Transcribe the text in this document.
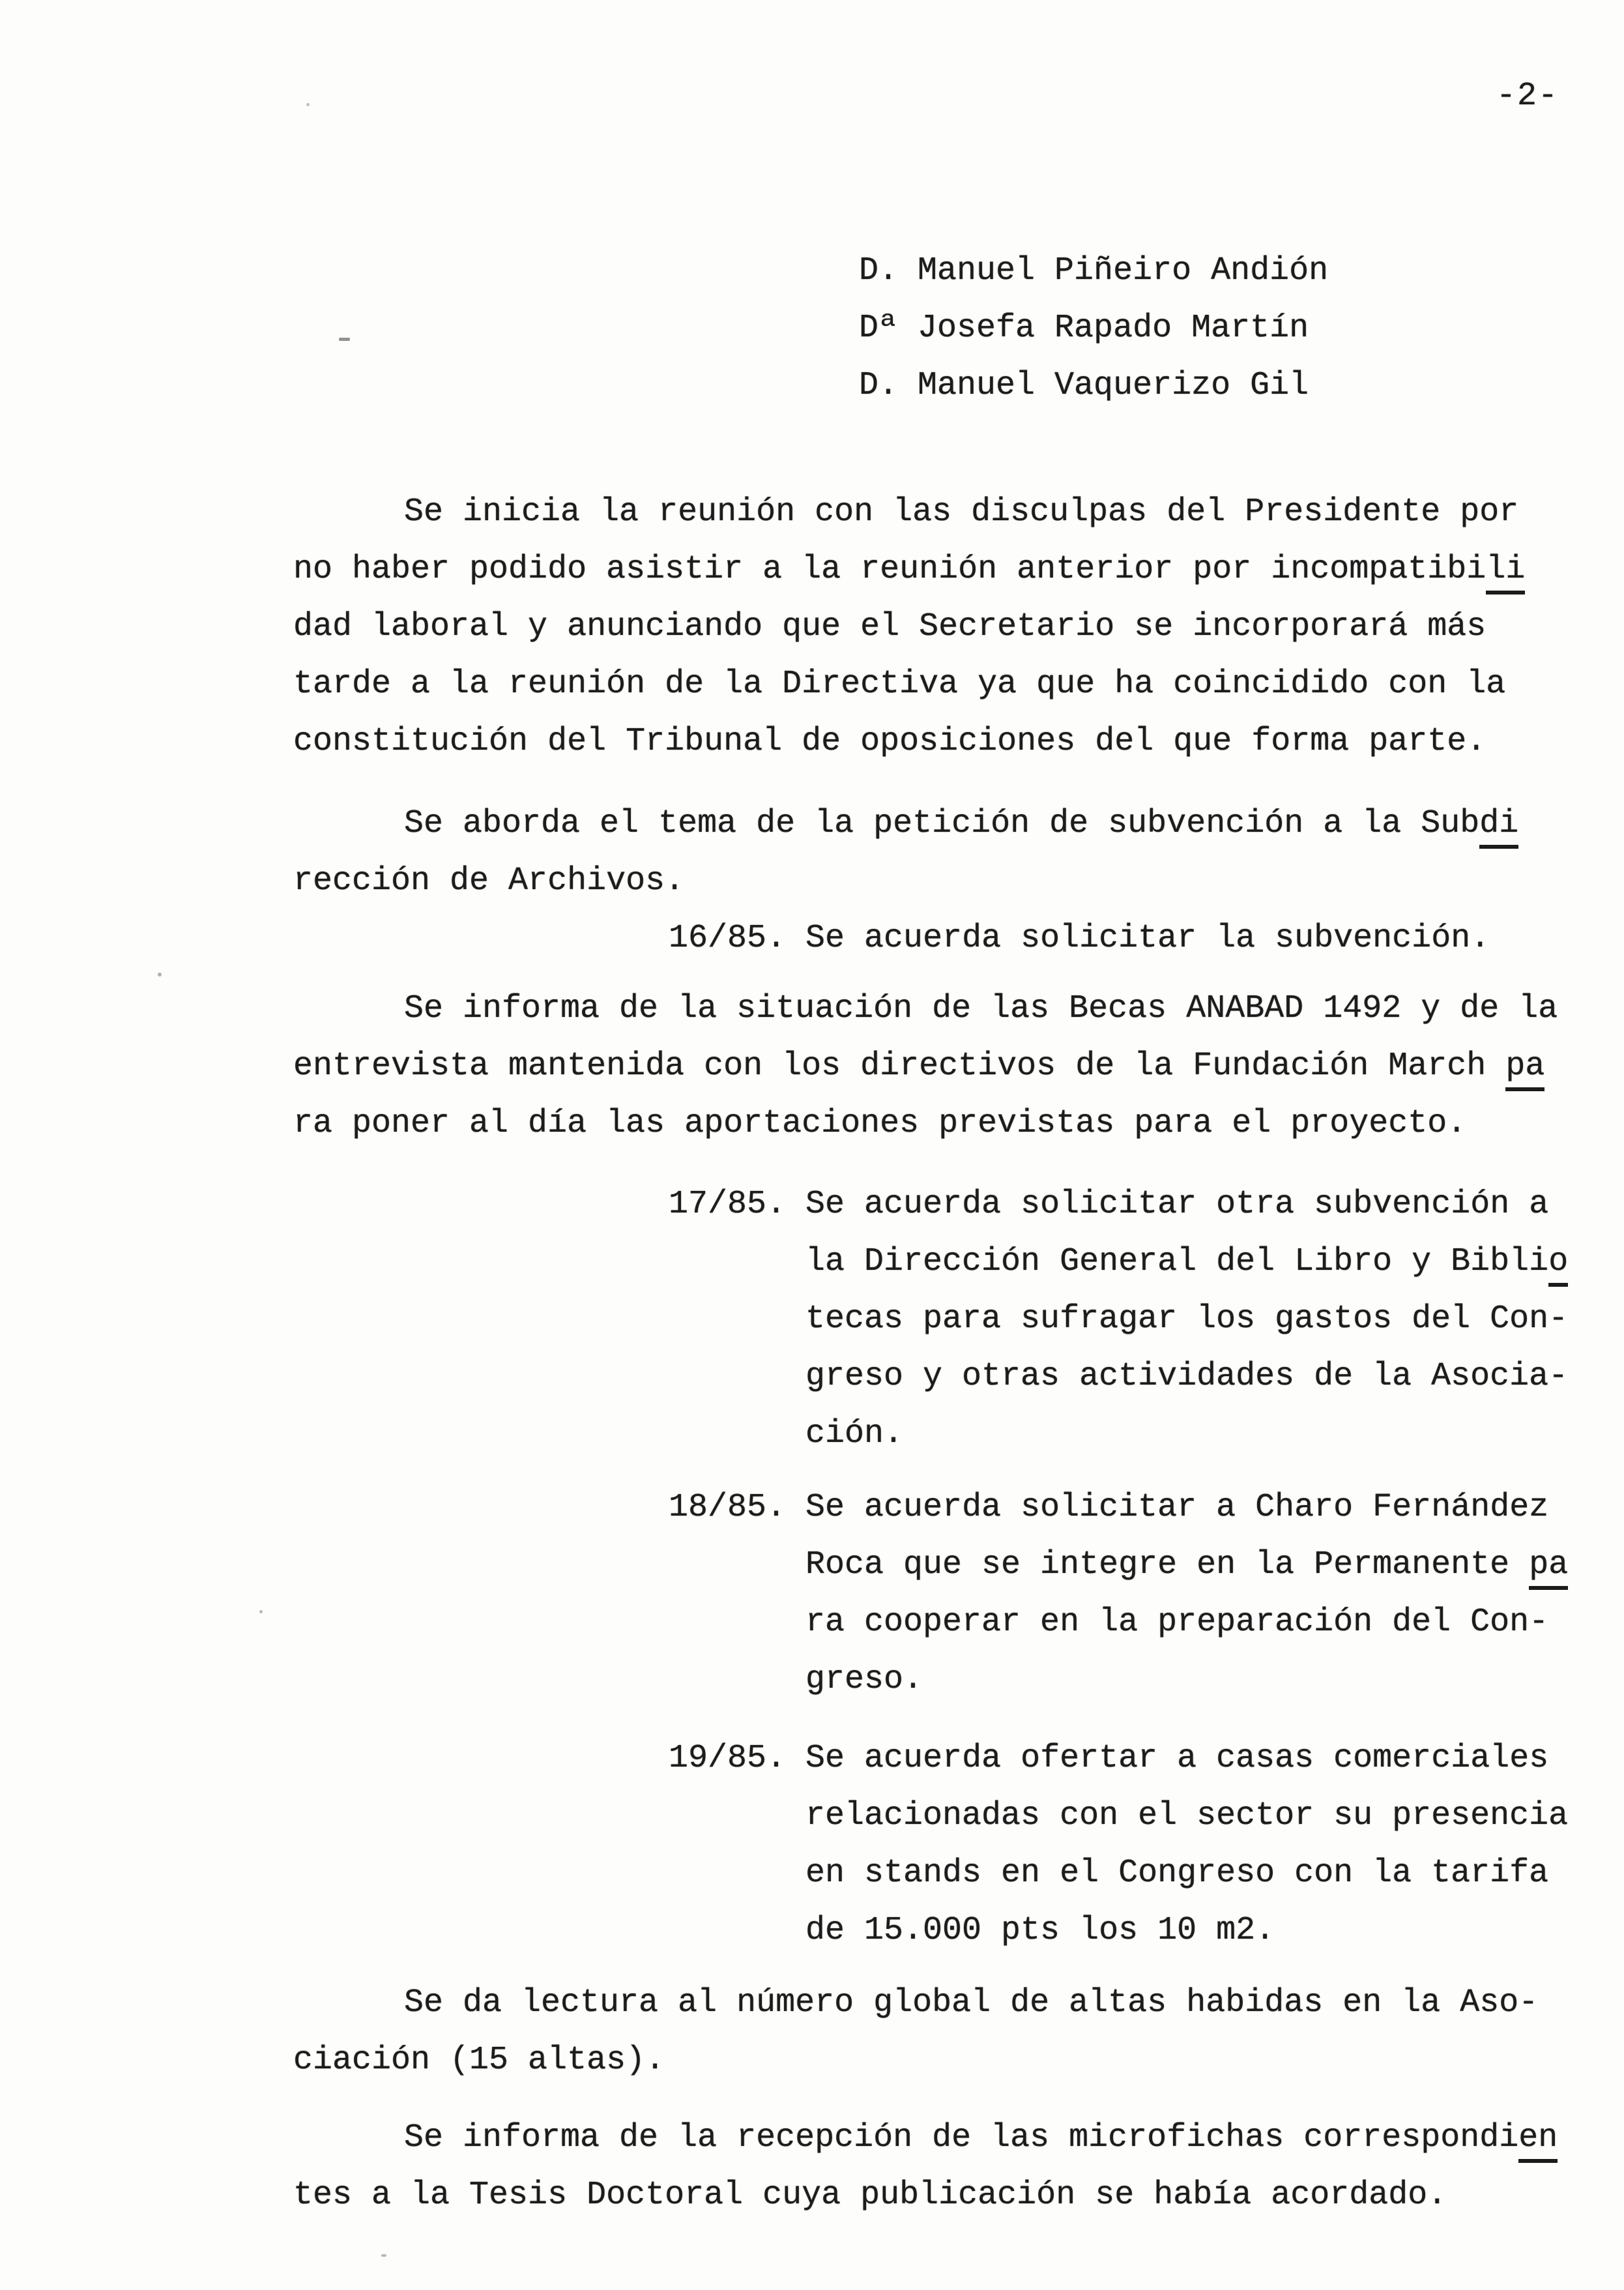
-2-
D. Manuel Piñeiro Andión
Dª Josefa Rapado Martín
D. Manuel Vaquerizo Gil
Se inicia la reunión con las disculpas del Presidente por
no haber podido asistir a la reunión anterior por incompatibili
dad laboral y anunciando que el Secretario se incorporará más
tarde a la reunión de la Directiva ya que ha coincidido con la
constitución del Tribunal de oposiciones del que forma parte.
Se aborda el tema de la petición de subvención a la Subdi
rección de Archivos.
16/85. Se acuerda solicitar la subvención.
Se informa de la situación de las Becas ANABAD 1492 y de la
entrevista mantenida con los directivos de la Fundación March pa
ra poner al día las aportaciones previstas para el proyecto.
17/85. Se acuerda solicitar otra subvención a
la Dirección General del Libro y Biblio
tecas para sufragar los gastos del Con-
greso y otras actividades de la Asocia-
ción.
18/85. Se acuerda solicitar a Charo Fernández
Roca que se integre en la Permanente pa
ra cooperar en la preparación del Con-
greso.
19/85. Se acuerda ofertar a casas comerciales
relacionadas con el sector su presencia
en stands en el Congreso con la tarifa
de 15.000 pts los 10 m2.
Se da lectura al número global de altas habidas en la Aso-
ciación (15 altas).
Se informa de la recepción de las microfichas correspondien
tes a la Tesis Doctoral cuya publicación se había acordado.
